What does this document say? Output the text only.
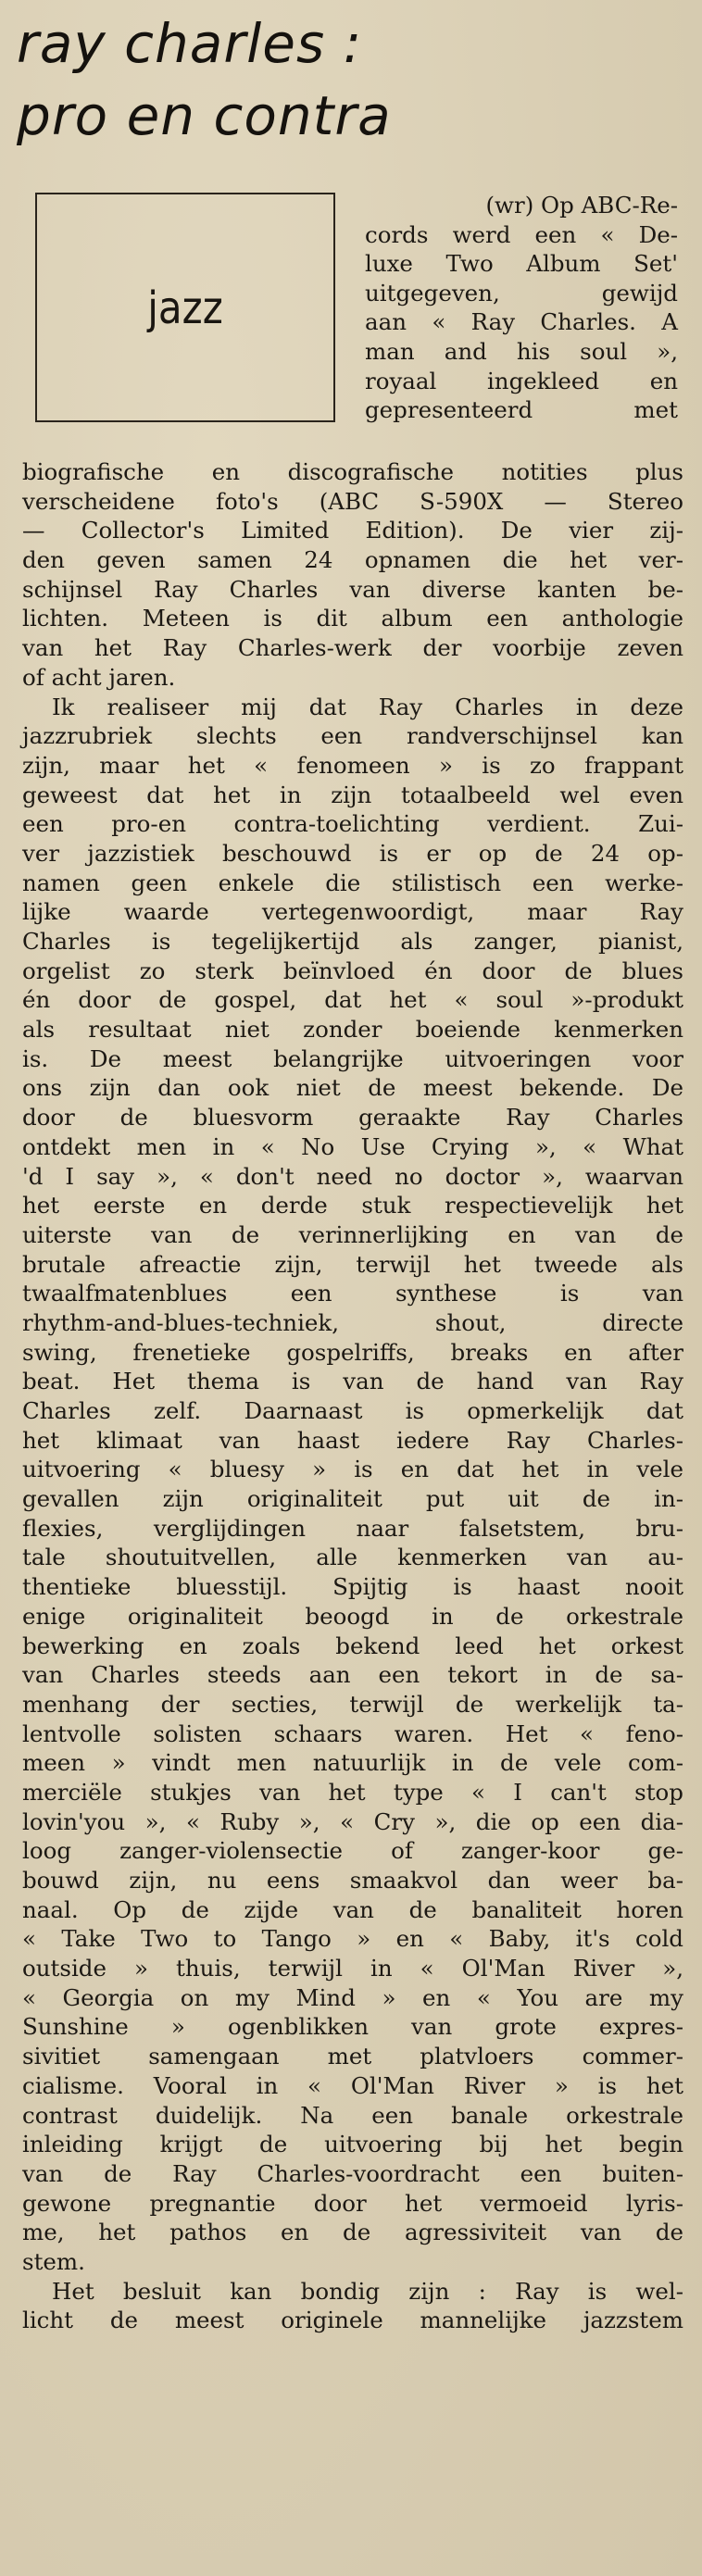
ray charles :
pro en contra
jazz
(wr) Op ABC-Re-
cords werd een « De-
luxe Two Album Set'
uitgegeven, gewijd
aan « Ray Charles. A
man and his soul »,
royaal ingekleed en
gepresenteerd met
biografische en discografische notities plus
verscheidene foto's (ABC S-590X — Stereo
— Collector's Limited Edition). De vier zij-
den geven samen 24 opnamen die het ver-
schijnsel Ray Charles van diverse kanten be-
lichten. Meteen is dit album een anthologie
van het Ray Charles-werk der voorbije zeven
of acht jaren.
Ik realiseer mij dat Ray Charles in deze
jazzrubriek slechts een randverschijnsel kan
zijn, maar het « fenomeen » is zo frappant
geweest dat het in zijn totaalbeeld wel even
een pro-en contra-toelichting verdient. Zui-
ver jazzistiek beschouwd is er op de 24 op-
namen geen enkele die stilistisch een werke-
lijke waarde vertegenwoordigt, maar Ray
Charles is tegelijkertijd als zanger, pianist,
orgelist zo sterk beïnvloed én door de blues
én door de gospel, dat het « soul »-produkt
als resultaat niet zonder boeiende kenmerken
is. De meest belangrijke uitvoeringen voor
ons zijn dan ook niet de meest bekende. De
door de bluesvorm geraakte Ray Charles
ontdekt men in « No Use Crying », « What
'd I say », « don't need no doctor », waarvan
het eerste en derde stuk respectievelijk het
uiterste van de verinnerlijking en van de
brutale afreactie zijn, terwijl het tweede als
twaalfmatenblues een synthese is van
rhythm-and-blues-techniek, shout, directe
swing, frenetieke gospelriffs, breaks en after
beat. Het thema is van de hand van Ray
Charles zelf. Daarnaast is opmerkelijk dat
het klimaat van haast iedere Ray Charles-
uitvoering « bluesy » is en dat het in vele
gevallen zijn originaliteit put uit de in-
flexies, verglijdingen naar falsetstem, bru-
tale shoutuitvellen, alle kenmerken van au-
thentieke bluesstijl. Spijtig is haast nooit
enige originaliteit beoogd in de orkestrale
bewerking en zoals bekend leed het orkest
van Charles steeds aan een tekort in de sa-
menhang der secties, terwijl de werkelijk ta-
lentvolle solisten schaars waren. Het « feno-
meen » vindt men natuurlijk in de vele com-
merciële stukjes van het type « I can't stop
lovin'you », « Ruby », « Cry », die op een dia-
loog zanger-violensectie of zanger-koor ge-
bouwd zijn, nu eens smaakvol dan weer ba-
naal. Op de zijde van de banaliteit horen
« Take Two to Tango » en « Baby, it's cold
outside » thuis, terwijl in « Ol'Man River »,
« Georgia on my Mind » en « You are my
Sunshine » ogenblikken van grote expres-
sivitiet samengaan met platvloers commer-
cialisme. Vooral in « Ol'Man River » is het
contrast duidelijk. Na een banale orkestrale
inleiding krijgt de uitvoering bij het begin
van de Ray Charles-voordracht een buiten-
gewone pregnantie door het vermoeid lyris-
me, het pathos en de agressiviteit van de
stem.
Het besluit kan bondig zijn : Ray is wel-
licht de meest originele mannelijke jazzstem
